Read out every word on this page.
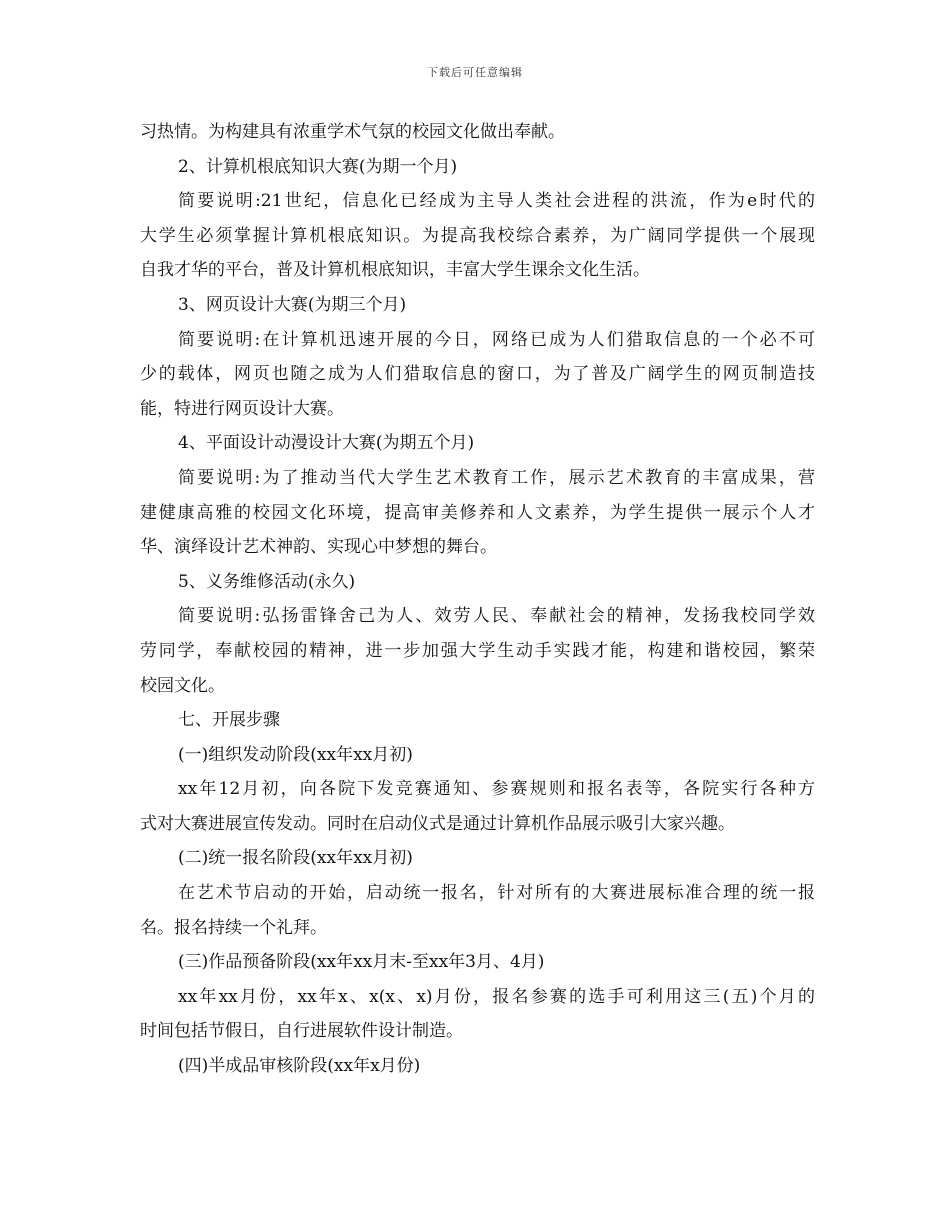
下载后可任意编辑
习热情。为构建具有浓重学术气氛的校园文化做出奉献。
2、计算机根底知识大赛(为期一个月)
简要说明:21世纪，信息化已经成为主导人类社会进程的洪流，作为e时代的
大学生必须掌握计算机根底知识。为提高我校综合素养，为广阔同学提供一个展现
自我才华的平台，普及计算机根底知识，丰富大学生课余文化生活。
3、网页设计大赛(为期三个月)
简要说明:在计算机迅速开展的今日，网络已成为人们猎取信息的一个必不可
少的载体，网页也随之成为人们猎取信息的窗口，为了普及广阔学生的网页制造技
能，特进行网页设计大赛。
4、平面设计动漫设计大赛(为期五个月)
简要说明:为了推动当代大学生艺术教育工作，展示艺术教育的丰富成果，营
建健康高雅的校园文化环境，提高审美修养和人文素养，为学生提供一展示个人才
华、演绎设计艺术神韵、实现心中梦想的舞台。
5、义务维修活动(永久)
简要说明:弘扬雷锋舍己为人、效劳人民、奉献社会的精神，发扬我校同学效
劳同学，奉献校园的精神，进一步加强大学生动手实践才能，构建和谐校园，繁荣
校园文化。
七、开展步骤
(一)组织发动阶段(xx年xx月初)
xx年12月初，向各院下发竞赛通知、参赛规则和报名表等，各院实行各种方
式对大赛进展宣传发动。同时在启动仪式是通过计算机作品展示吸引大家兴趣。
(二)统一报名阶段(xx年xx月初)
在艺术节启动的开始，启动统一报名，针对所有的大赛进展标准合理的统一报
名。报名持续一个礼拜。
(三)作品预备阶段(xx年xx月末-至xx年3月、4月)
xx年xx月份，xx年x、x(x、x)月份，报名参赛的选手可利用这三(五)个月的
时间包括节假日，自行进展软件设计制造。
(四)半成品审核阶段(xx年x月份)
